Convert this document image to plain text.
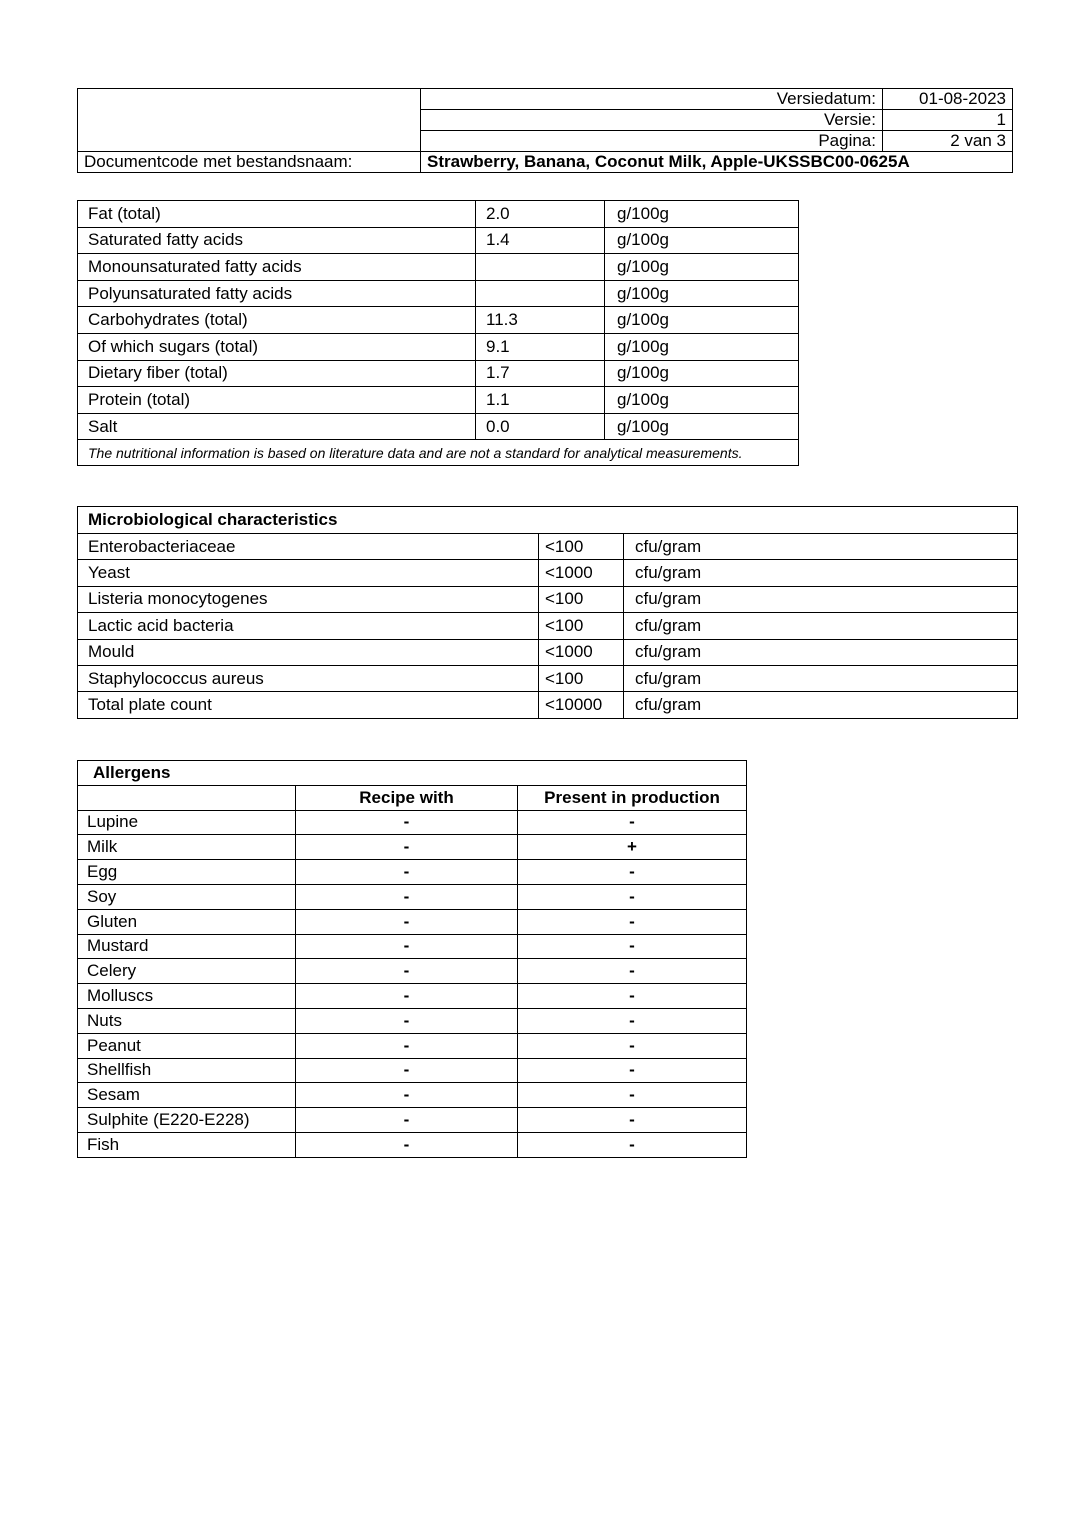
	Versiedatum:	01-08-2023
	Versie:	1
	Pagina:	2 van 3
Documentcode met bestandsnaam:	Strawberry, Banana, Coconut Milk, Apple-UKSSBC00-0625A	
Fat (total)	2.0	g/100g
Saturated fatty acids	1.4	g/100g
Monounsaturated fatty acids		g/100g
Polyunsaturated fatty acids		g/100g
Carbohydrates (total)	11.3	g/100g
Of which sugars (total)	9.1	g/100g
Dietary fiber (total)	1.7	g/100g
Protein (total)	1.1	g/100g
Salt	0.0	g/100g
The nutritional information is based on literature data and are not a standard for analytical measurements.		
Microbiological characteristics		
Enterobacteriaceae	<100	cfu/gram
Yeast	<1000	cfu/gram
Listeria monocytogenes	<100	cfu/gram
Lactic acid bacteria	<100	cfu/gram
Mould	<1000	cfu/gram
Staphylococcus aureus	<100	cfu/gram
Total plate count	<10000	cfu/gram
Allergens		
	Recipe with	Present in production
Lupine	-	-
Milk	-	+
Egg	-	-
Soy	-	-
Gluten	-	-
Mustard	-	-
Celery	-	-
Molluscs	-	-
Nuts	-	-
Peanut	-	-
Shellfish	-	-
Sesam	-	-
Sulphite (E220-E228)	-	-
Fish	-	-
